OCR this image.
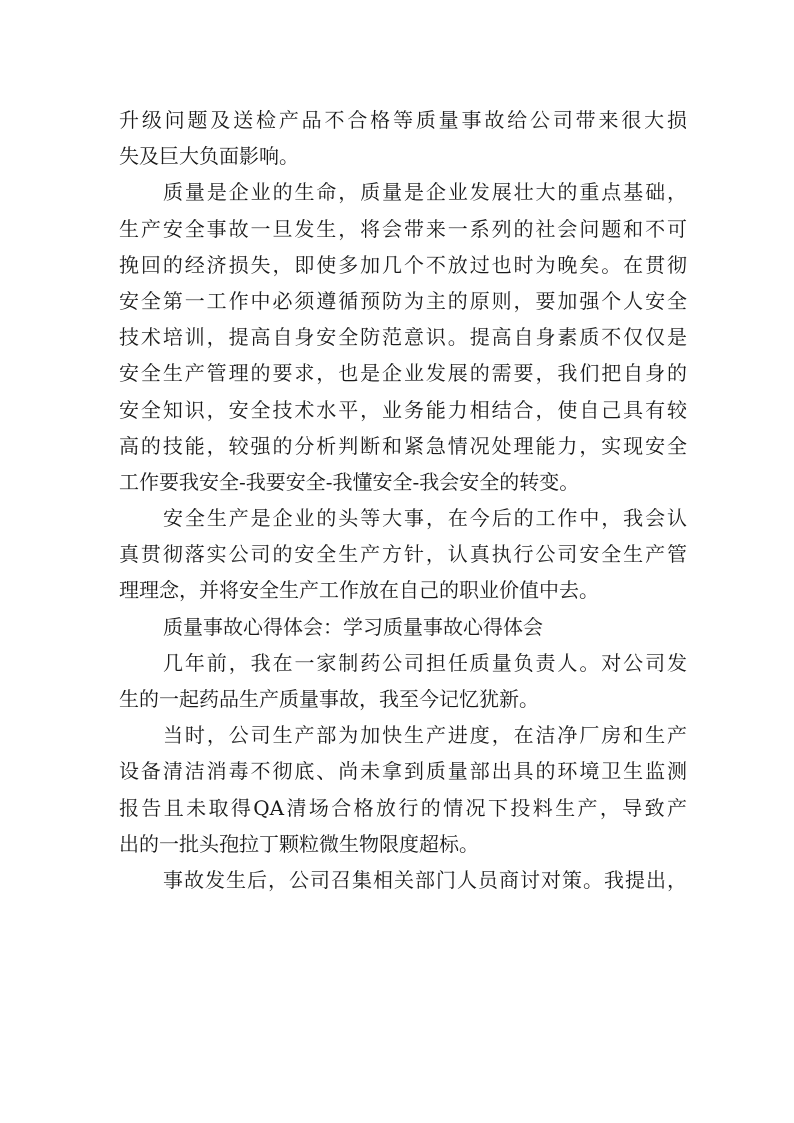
升级问题及送检产品不合格等质量事故给公司带来很大损
失及巨大负面影响。
质量是企业的生命，质量是企业发展壮大的重点基础，
生产安全事故一旦发生，将会带来一系列的社会问题和不可
挽回的经济损失，即使多加几个不放过也时为晚矣。在贯彻
安全第一工作中必须遵循预防为主的原则，要加强个人安全
技术培训，提高自身安全防范意识。提高自身素质不仅仅是
安全生产管理的要求，也是企业发展的需要，我们把自身的
安全知识，安全技术水平，业务能力相结合，使自己具有较
高的技能，较强的分析判断和紧急情况处理能力，实现安全
工作要我安全-我要安全-我懂安全-我会安全的转变。
安全生产是企业的头等大事，在今后的工作中，我会认
真贯彻落实公司的安全生产方针，认真执行公司安全生产管
理理念，并将安全生产工作放在自己的职业价值中去。
质量事故心得体会：学习质量事故心得体会
几年前，我在一家制药公司担任质量负责人。对公司发
生的一起药品生产质量事故，我至今记忆犹新。
当时，公司生产部为加快生产进度，在洁净厂房和生产
设备清洁消毒不彻底、尚未拿到质量部出具的环境卫生监测
报告且未取得QA清场合格放行的情况下投料生产，导致产
出的一批头孢拉丁颗粒微生物限度超标。
事故发生后，公司召集相关部门人员商讨对策。我提出，
